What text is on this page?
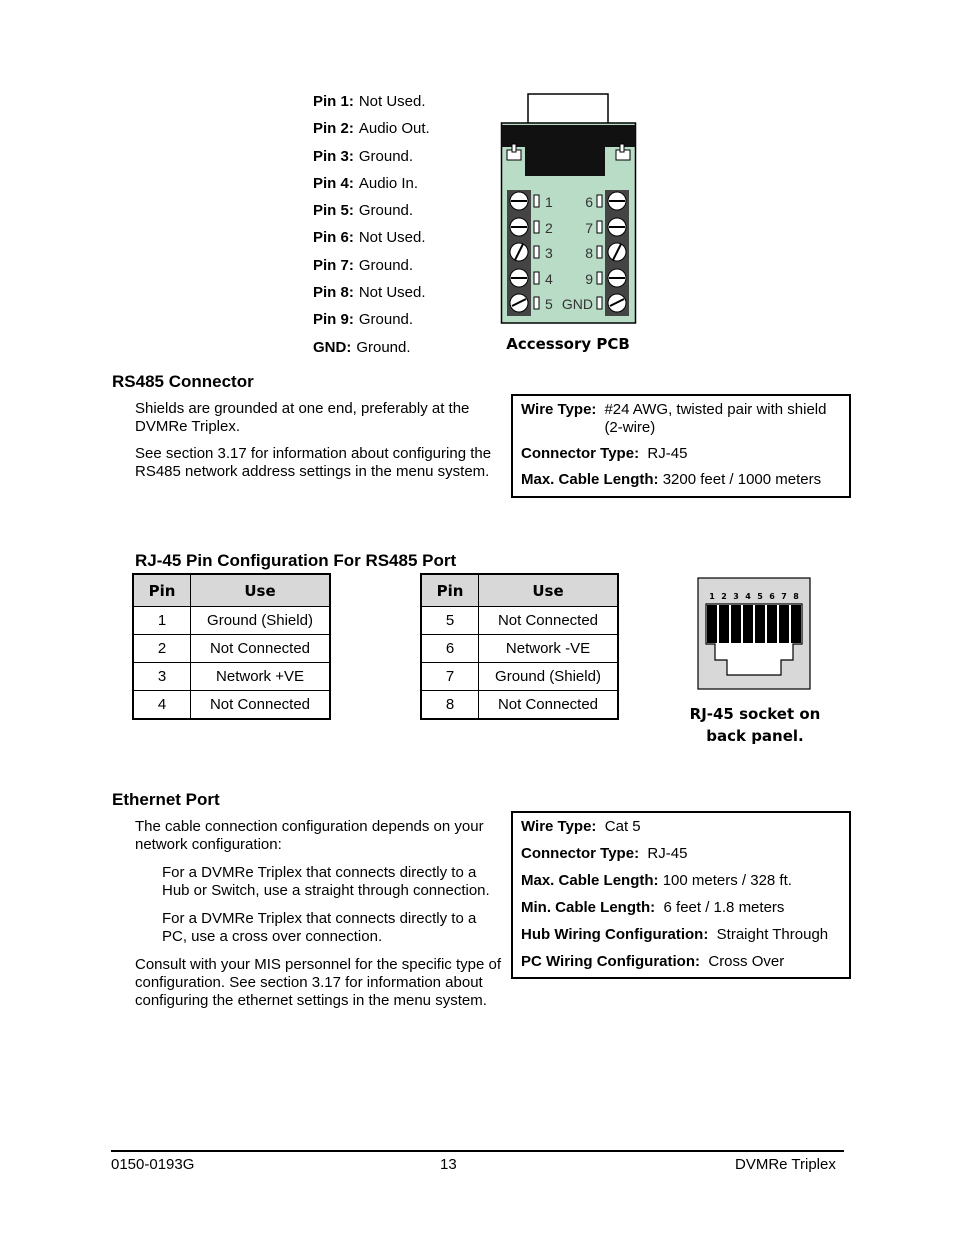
Pin 1: Not Used.
Pin 2: Audio Out.
Pin 3: Ground.
Pin 4: Audio In.
Pin 5: Ground.
Pin 6: Not Used.
Pin 7: Ground.
Pin 8: Not Used.
Pin 9: Ground.
GND: Ground.
1
2
3
4
5
6
7
8
9
GND
Accessory PCB
RS485 Connector
Shields are grounded at one end, preferably at the DVMRe Triplex.
See section 3.17 for information about configuring the RS485 network address settings in the menu system.
Wire Type: #24 AWG, twisted pair with shield
(2-wire)
Connector Type: RJ-45
Max. Cable Length: 3200 feet / 1000 meters
RJ-45 Pin Configuration For RS485 Port
Pin	Use
1	Ground (Shield)
2	Not Connected
3	Network +VE
4	Not Connected
Pin	Use
5	Not Connected
6	Network -VE
7	Ground (Shield)
8	Not Connected
1 2 3 4 5 6 7 8
RJ-45 socket on
back panel.
Ethernet Port
The cable connection configuration depends on your network configuration:
For a DVMRe Triplex that connects directly to a Hub or Switch, use a straight through connection.
For a DVMRe Triplex that connects directly to a PC, use a cross over connection.
Consult with your MIS personnel for the specific type of configuration. See section 3.17 for information about configuring the ethernet settings in the menu system.
Wire Type: Cat 5
Connector Type: RJ-45
Max. Cable Length: 100 meters / 328 ft.
Min. Cable Length: 6 feet / 1.8 meters
Hub Wiring Configuration: Straight Through
PC Wiring Configuration: Cross Over
0150-0193G	13	DVMRe Triplex
